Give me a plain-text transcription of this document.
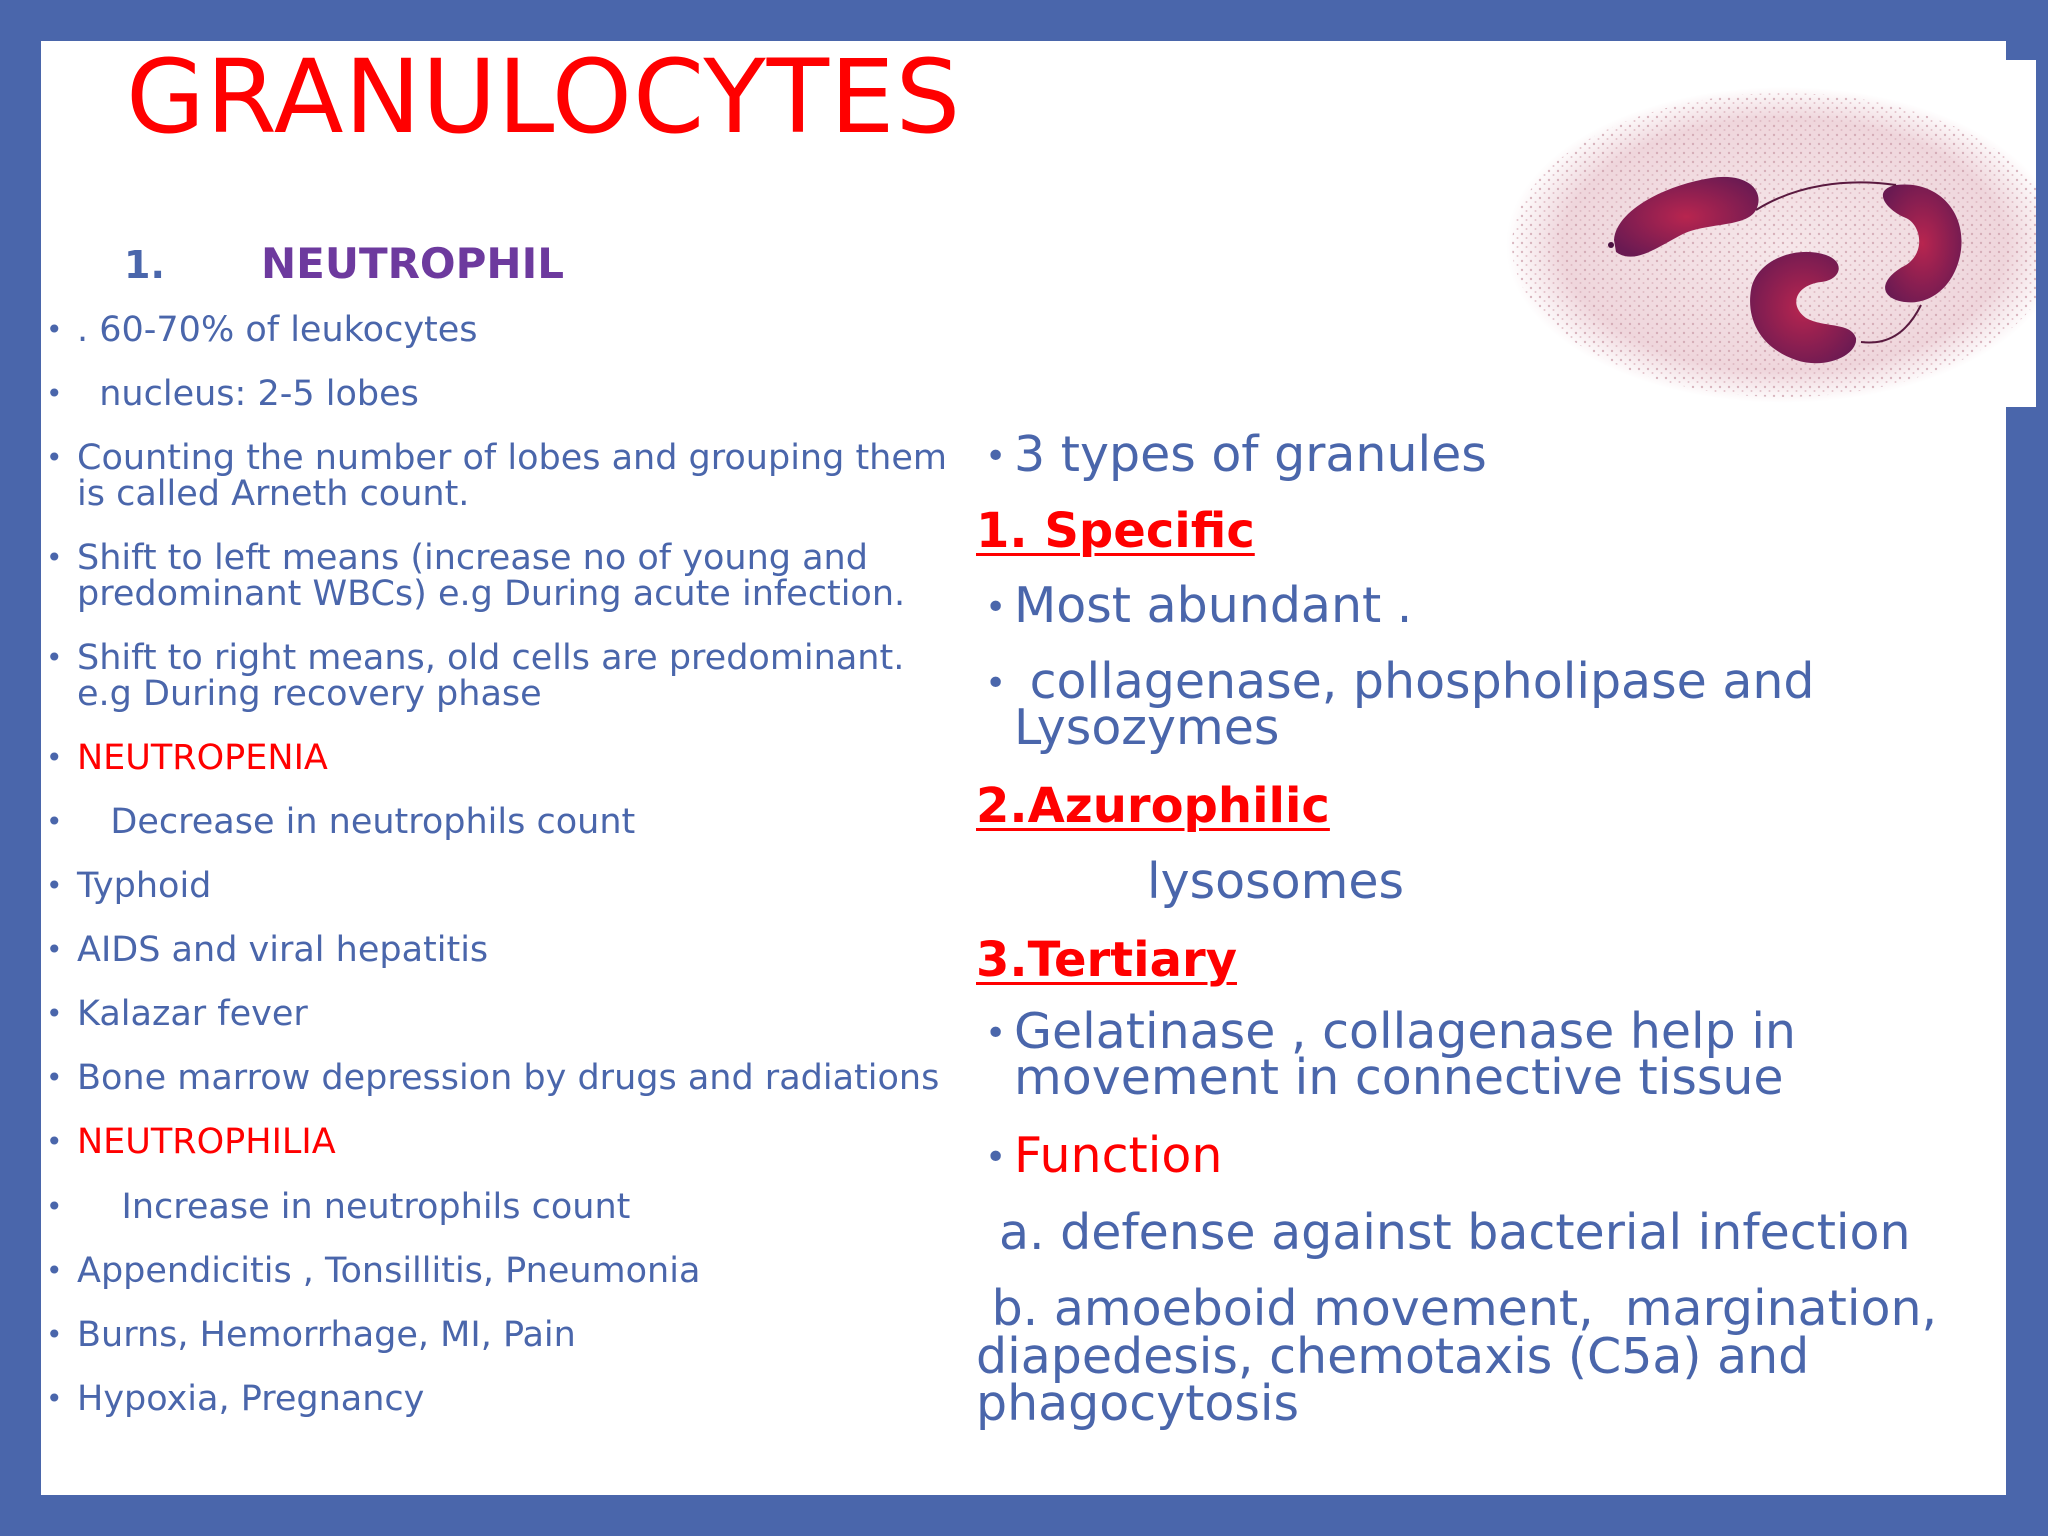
GRANULOCYTES
1. NEUTROPHIL
• . 60-70% of leukocytes
• nucleus: 2-5 lobes
• Counting the number of lobes and grouping them
is called Arneth count.
• Shift to left means (increase no of young and
predominant WBCs) e.g During acute infection.
• Shift to right means, old cells are predominant.
e.g During recovery phase
• NEUTROPENIA
• Decrease in neutrophils count
• Typhoid
• AIDS and viral hepatitis
• Kalazar fever
• Bone marrow depression by drugs and radiations
• NEUTROPHILIA
• Increase in neutrophils count
• Appendicitis , Tonsillitis, Pneumonia
• Burns, Hemorrhage, MI, Pain
• Hypoxia, Pregnancy
• 3 types of granules
1. Specific
• Most abundant .
• collagenase, phospholipase and
Lysozymes
2.Azurophilic
lysosomes
3.Tertiary
• Gelatinase , collagenase help in
movement in connective tissue
• Function
a. defense against bacterial infection
b. amoeboid movement,  margination,
diapedesis, chemotaxis (C5a) and
phagocytosis
